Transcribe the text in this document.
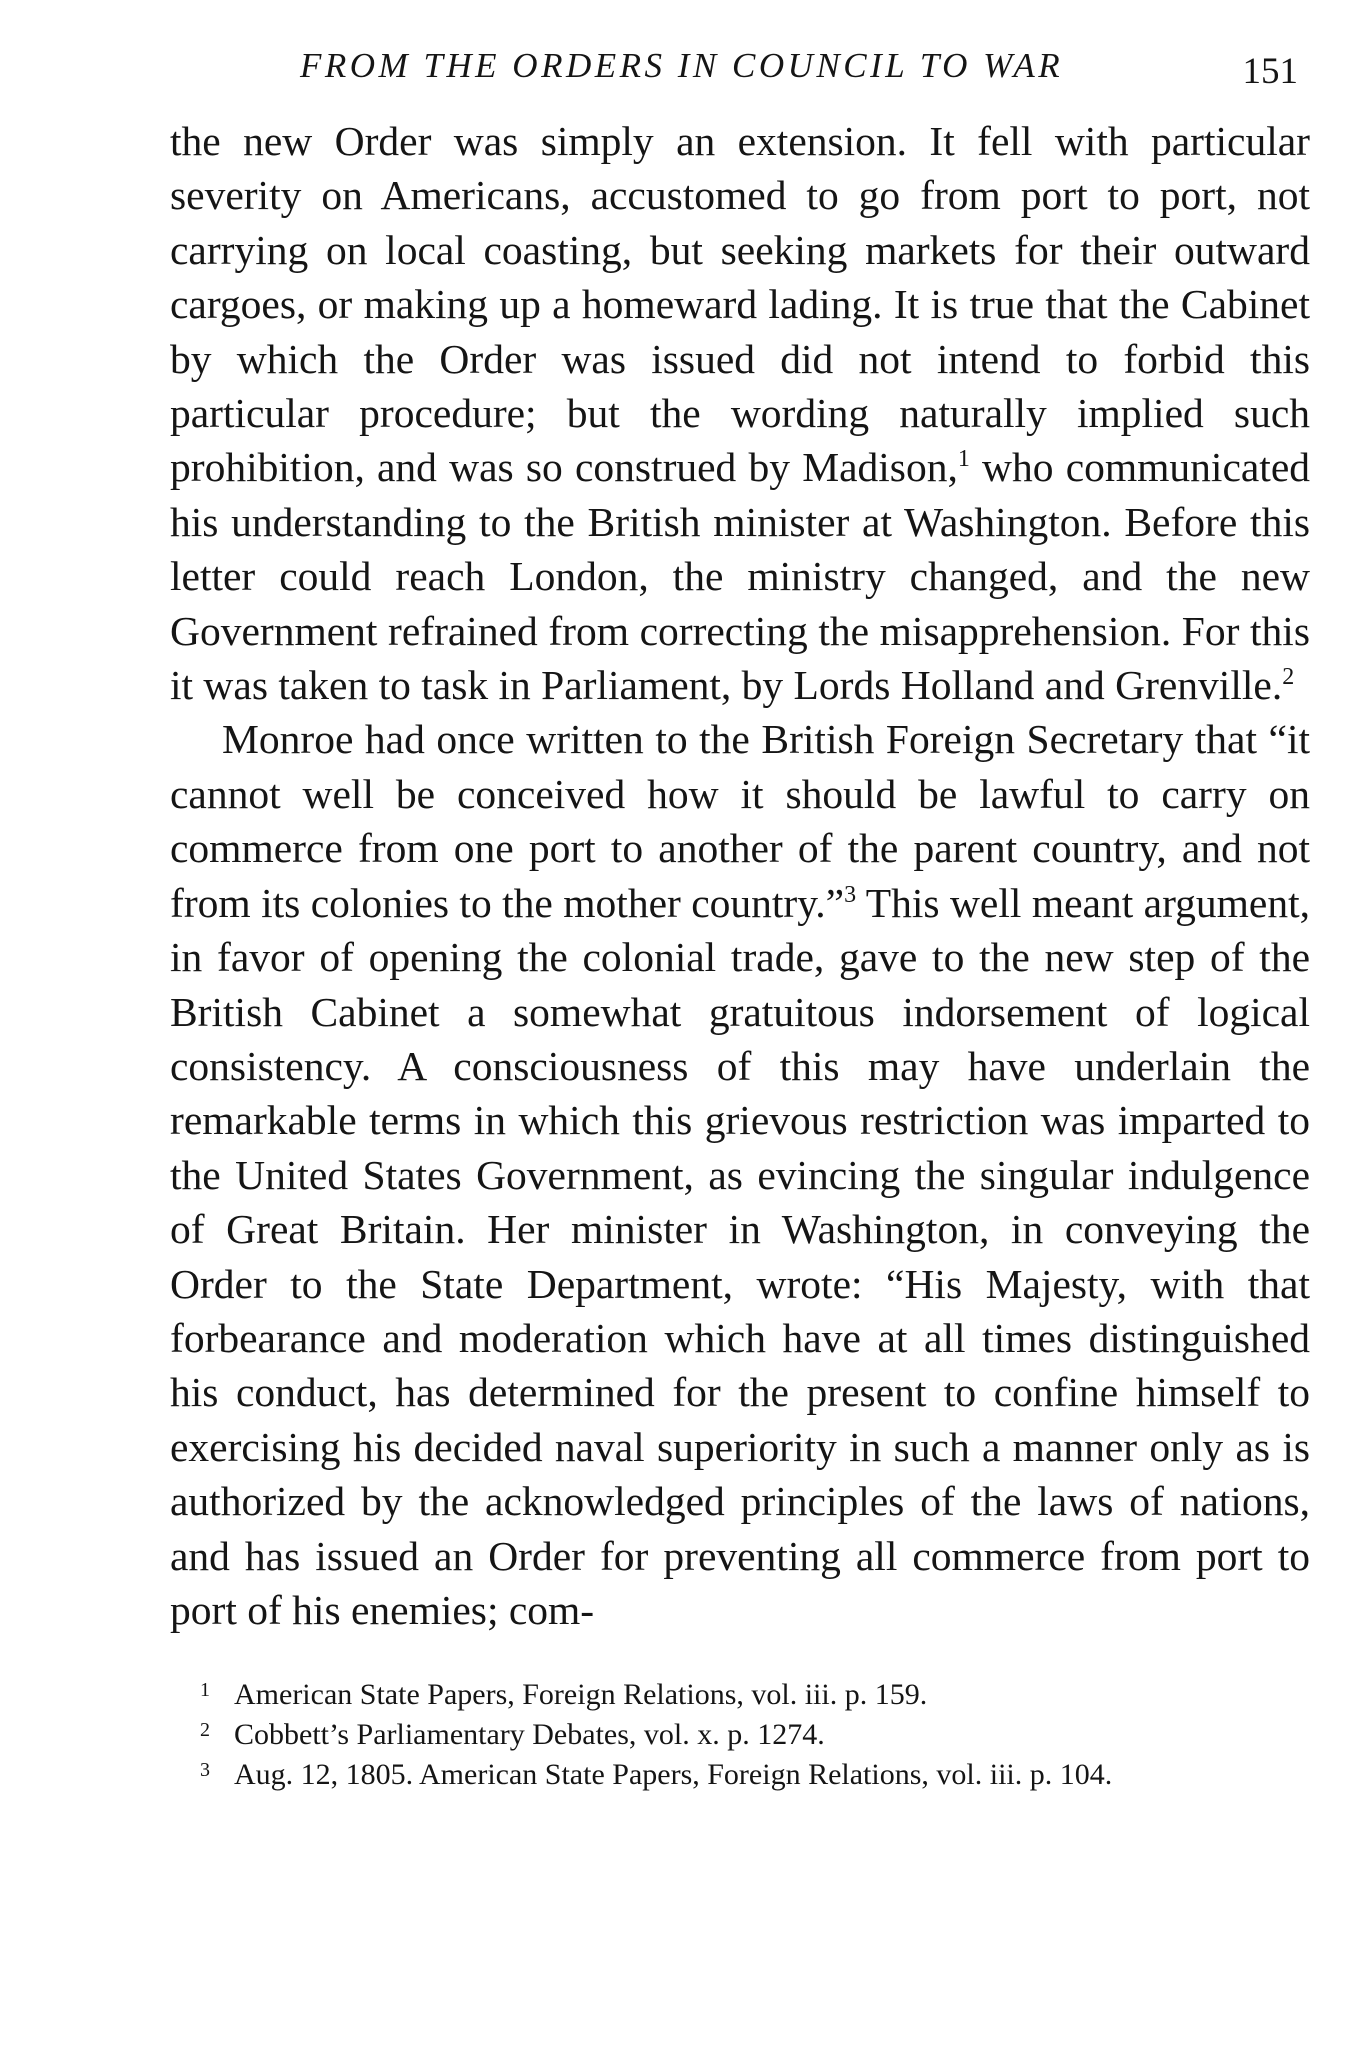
FROM THE ORDERS IN COUNCIL TO WAR	151

the new Order was simply an extension. It fell with particular severity on Americans, accustomed to go from port to port, not carrying on local coasting, but seeking markets for their outward cargoes, or making up a homeward lading. It is true that the Cabinet by which the Order was issued did not intend to forbid this particular procedure; but the wording naturally implied such prohibition, and was so construed by Madison,$^1$ who communicated his understanding to the British minister at Washington. Before this letter could reach London, the ministry changed, and the new Government refrained from correcting the misapprehension. For this it was taken to task in Parliament, by Lords Holland and Grenville.$^2$

Monroe had once written to the British Foreign Secretary that “it cannot well be conceived how it should be lawful to carry on commerce from one port to another of the parent country, and not from its colonies to the mother country.”$^3$ This well meant argument, in favor of opening the colonial trade, gave to the new step of the British Cabinet a somewhat gratuitous indorsement of logical consistency. A consciousness of this may have underlain the remarkable terms in which this grievous restriction was imparted to the United States Government, as evincing the singular indulgence of Great Britain. Her minister in Washington, in conveying the Order to the State Department, wrote: “His Majesty, with that forbearance and moderation which have at all times distinguished his conduct, has determined for the present to confine himself to exercising his decided naval superiority in such a manner only as is authorized by the acknowledged principles of the laws of nations, and has issued an Order for preventing all commerce from port to port of his enemies; com-

1 American State Papers, Foreign Relations, vol. iii. p. 159.
2 Cobbett’s Parliamentary Debates, vol. x. p. 1274.
3 Aug. 12, 1805. American State Papers, Foreign Relations, vol. iii. p. 104.
